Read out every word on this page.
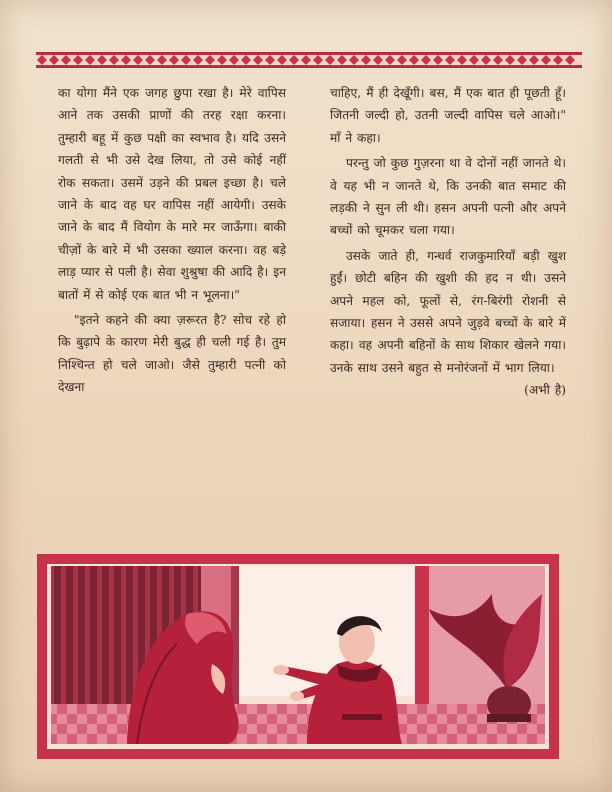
का योगा मैंने एक जगह छुपा रखा है। मेरे वापिस आने तक उसकी प्राणों की तरह रक्षा करना। तुम्हारी बहू में कुछ पक्षी का स्वभाव है। यदि उसने गलती से भी उसे देख लिया, तो उसे कोई नहीं रोक सकता। उसमें उड़ने की प्रबल इच्छा है। चले जाने के बाद वह घर वापिस नहीं आयेगी। उसके जाने के बाद मैं वियोग के मारे मर जाऊँगा। बाकी चीज़ों के बारे में भी उसका ख्याल करना। वह बड़े लाड़ प्यार से पली है। सेवा शुश्रुषा की आदि है। इन बातों में से कोई एक बात भी न भूलना।"

"इतने कहने की क्या ज़रूरत है? सोच रहे हो कि बुढ़ापे के कारण मेरी बुद्ध ही चली गई है। तुम निश्चिन्त हो चले जाओ। जैसे तुम्हारी पत्नी को देखना

चाहिए, मैं ही देखूँगी। बस, मैं एक बात ही पूछती हूँ। जितनी जल्दी हो, उतनी जल्दी वापिस चले आओ।" माँ ने कहा।

परन्तु जो कुछ गुज़रना था वे दोनों नहीं जानते थे। वे यह भी न जानते थे, कि उनकी बात समाट की लड़की ने सुन ली थी। हसन अपनी पत्नी और अपने बच्चों को चूमकर चला गया।

उसके जाते ही, गन्धर्व राजकुमारियाँ बड़ी खुश हुईं। छोटी बहिन की खुशी की हद न थी। उसने अपने महल को, फूलों से, रंग-बिरंगी रोशनी से सजाया। हसन ने उससे अपने जुड़वे बच्चों के बारे में कहा। वह अपनी बहिनों के साथ शिकार खेलने गया। उनके साथ उसने बहुत से मनोरंजनों में भाग लिया।
(अभी है)
